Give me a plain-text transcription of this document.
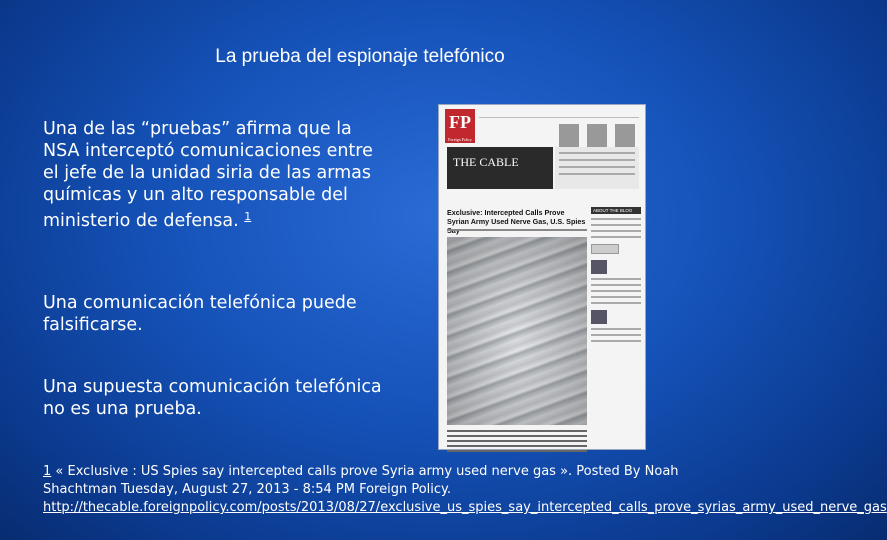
La prueba del espionaje telefónico
Una de las “pruebas” afirma que la NSA interceptó comunicaciones entre el jefe de la unidad siria de las armas químicas y un alto responsable del ministerio de defensa. $^1$
Una comunicación telefónica puede falsificarse.
Una supuesta comunicación telefónica no es una prueba.
FP
Foreign Policy
THE CABLE
Exclusive: Intercepted Calls Prove Syrian Army Used Nerve Gas, U.S. Spies
ABOUT THE BLOG
1 « Exclusive : US Spies say intercepted calls prove Syria army used nerve gas ». Posted By Noah Shachtman Tuesday, August 27, 2013 - 8:54 PM Foreign Policy. http://thecable.foreignpolicy.com/posts/2013/08/27/exclusive_us_spies_say_intercepted_calls_prove_syrias_army_used_nerve_gas
